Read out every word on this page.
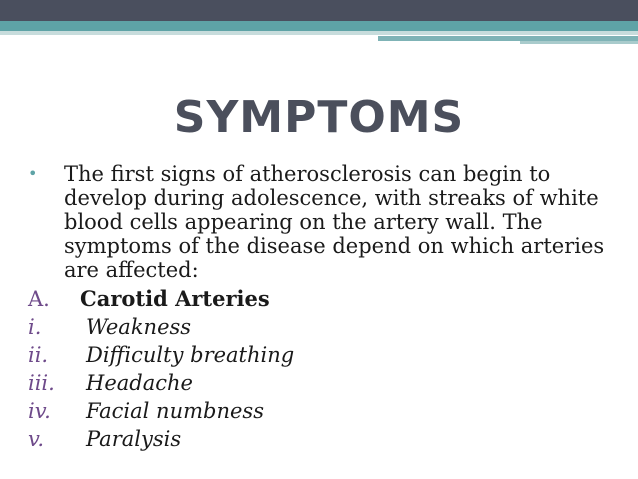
SYMPTOMS
•	The first signs of atherosclerosis can begin to develop during adolescence, with streaks of white blood cells appearing on the artery wall. The symptoms of the disease depend on which arteries are affected:
A.	Carotid Arteries
i.	Weakness
ii.	Difficulty breathing
iii.	Headache
iv.	Facial numbness
v.	Paralysis
